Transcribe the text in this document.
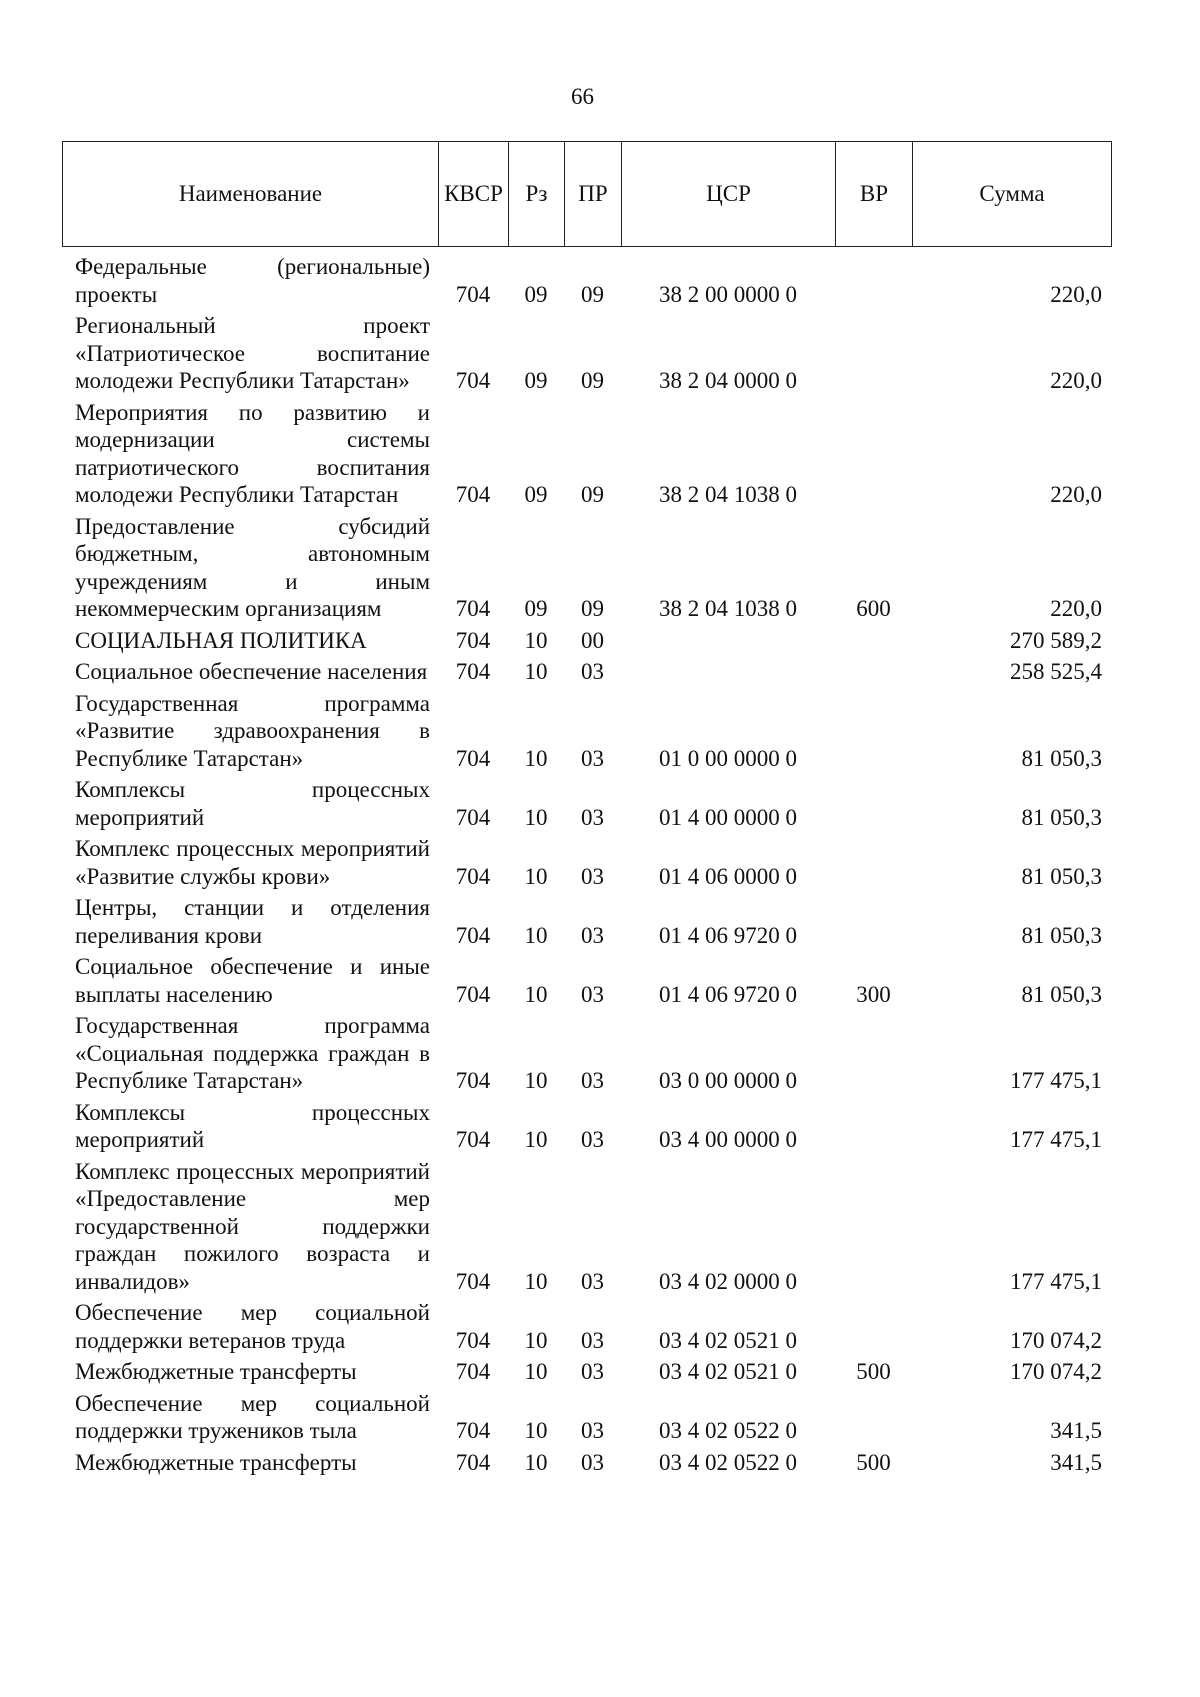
66
Наименование	КВСР	Рз	ПР	ЦСР	ВР	Сумма
Федеральные (региональные) проекты	704	09	09	38 2 00 0000 0		220,0
Региональный проект «Патриотическое воспитание молодежи Республики Татарстан»	704	09	09	38 2 04 0000 0		220,0
Мероприятия по развитию и модернизации системы патриотического воспитания молодежи Республики Татарстан	704	09	09	38 2 04 1038 0		220,0
Предоставление субсидий бюджетным, автономным учреждениям и иным некоммерческим организациям	704	09	09	38 2 04 1038 0	600	220,0
СОЦИАЛЬНАЯ ПОЛИТИКА	704	10	00			270 589,2
Социальное обеспечение населения	704	10	03			258 525,4
Государственная программа «Развитие здравоохранения в Республике Татарстан»	704	10	03	01 0 00 0000 0		81 050,3
Комплексы процессных мероприятий	704	10	03	01 4 00 0000 0		81 050,3
Комплекс процессных мероприятий «Развитие службы крови»	704	10	03	01 4 06 0000 0		81 050,3
Центры, станции и отделения переливания крови	704	10	03	01 4 06 9720 0		81 050,3
Социальное обеспечение и иные выплаты населению	704	10	03	01 4 06 9720 0	300	81 050,3
Государственная программа «Социальная поддержка граждан в Республике Татарстан»	704	10	03	03 0 00 0000 0		177 475,1
Комплексы процессных мероприятий	704	10	03	03 4 00 0000 0		177 475,1
Комплекс процессных мероприятий «Предоставление мер государственной поддержки граждан пожилого возраста и инвалидов»	704	10	03	03 4 02 0000 0		177 475,1
Обеспечение мер социальной поддержки ветеранов труда	704	10	03	03 4 02 0521 0		170 074,2
Межбюджетные трансферты	704	10	03	03 4 02 0521 0	500	170 074,2
Обеспечение мер социальной поддержки тружеников тыла	704	10	03	03 4 02 0522 0		341,5
Межбюджетные трансферты	704	10	03	03 4 02 0522 0	500	341,5
